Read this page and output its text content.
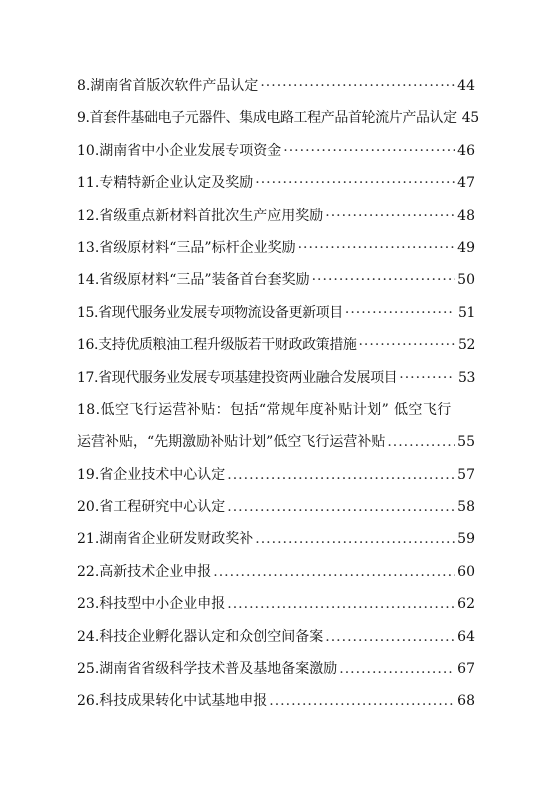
8.湖南省首版次软件产品认定 ·····	44
9.首套件基础电子元器件、集成电路工程产品首轮流片产品认定 45
10.湖南省中小企业发展专项资金 ·····	46
11.专精特新企业认定及奖励 ·····	47
12.省级重点新材料首批次生产应用奖励 ·····	48
13.省级原材料“三品”标杆企业奖励 ·····	49
14.省级原材料“三品”装备首台套奖励 ·····	50
15.省现代服务业发展专项物流设备更新项目 ·····	51
16.支持优质粮油工程升级版若干财政政策措施 ·····	52
17.省现代服务业发展专项基建投资两业融合发展项目 ·····	53
18.低空飞行运营补贴：包括“常规年度补贴计划” 低空飞行
运营补贴，“先期激励补贴计划”低空飞行运营补贴 .....	55
19.省企业技术中心认定 .....	57
20.省工程研究中心认定 .....	58
21.湖南省企业研发财政奖补 .....	59
22.高新技术企业申报 .....	60
23.科技型中小企业申报 .....	62
24.科技企业孵化器认定和众创空间备案 .....	64
25.湖南省省级科学技术普及基地备案激励 .....	67
26.科技成果转化中试基地申报 .....	68
